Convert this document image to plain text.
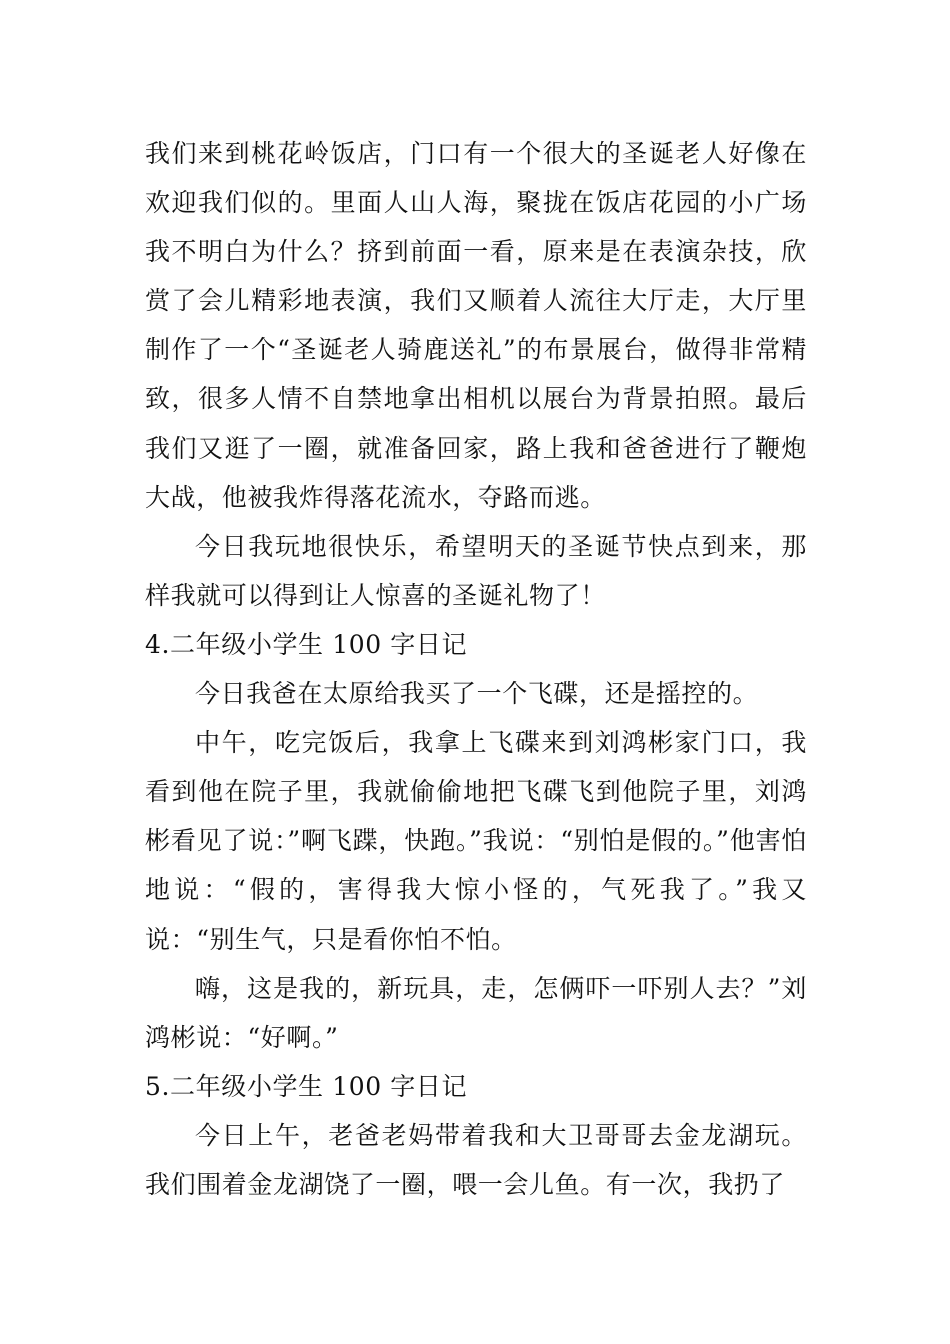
我们来到桃花岭饭店，门口有一个很大的圣诞老人好像在欢迎我们似的。里面人山人海，聚拢在饭店花园的小广场我不明白为什么？挤到前面一看，原来是在表演杂技，欣赏了会儿精彩地表演，我们又顺着人流往大厅走，大厅里制作了一个“圣诞老人骑鹿送礼”的布景展台，做得非常精致，很多人情不自禁地拿出相机以展台为背景拍照。最后我们又逛了一圈，就准备回家，路上我和爸爸进行了鞭炮大战，他被我炸得落花流水，夺路而逃。

今日我玩地很快乐，希望明天的圣诞节快点到来，那样我就可以得到让人惊喜的圣诞礼物了！

4.二年级小学生 100 字日记

今日我爸在太原给我买了一个飞碟，还是摇控的。

中午，吃完饭后，我拿上飞碟来到刘鸿彬家门口，我看到他在院子里，我就偷偷地把飞碟飞到他院子里，刘鸿彬看见了说：”啊飞蹀，快跑。”我说：“别怕是假的。”他害怕地说：“假的，害得我大惊小怪的，气死我了。”我又说：“别生气，只是看你怕不怕。

嗨，这是我的，新玩具，走，怎俩吓一吓别人去？”刘鸿彬说：“好啊。”

5.二年级小学生 100 字日记

今日上午，老爸老妈带着我和大卫哥哥去金龙湖玩。我们围着金龙湖饶了一圈，喂一会儿鱼。有一次，我扔了
